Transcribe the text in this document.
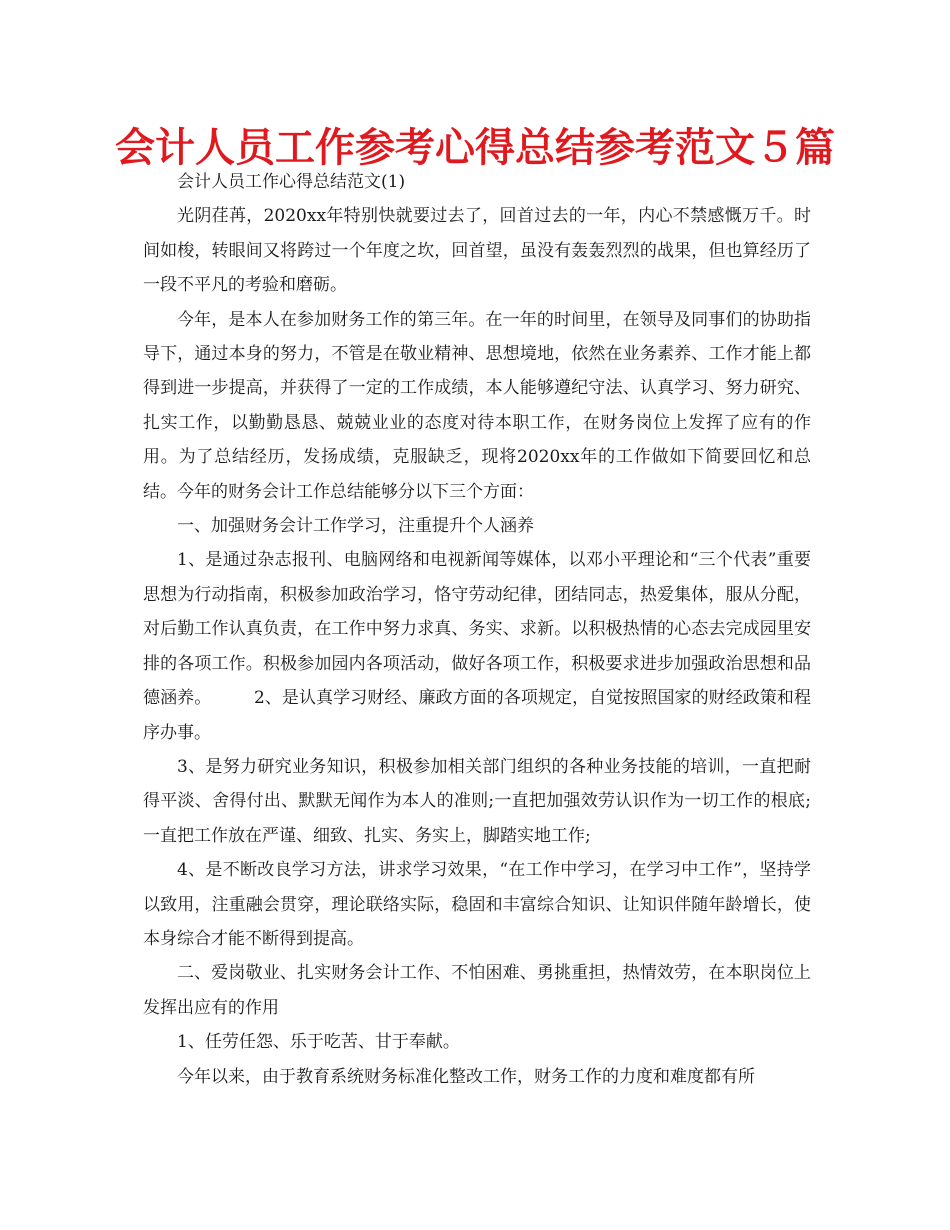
会计人员工作参考心得总结参考范文５篇

会计人员工作心得总结范文(1)

光阴荏苒，2020xx年特别快就要过去了，回首过去的一年，内心不禁感慨万千。时间如梭，转眼间又将跨过一个年度之坎，回首望，虽没有轰轰烈烈的战果，但也算经历了一段不平凡的考验和磨砺。

今年，是本人在参加财务工作的第三年。在一年的时间里，在领导及同事们的协助指导下，通过本身的努力，不管是在敬业精神、思想境地，依然在业务素养、工作才能上都得到进一步提高，并获得了一定的工作成绩，本人能够遵纪守法、认真学习、努力研究、扎实工作，以勤勤恳恳、兢兢业业的态度对待本职工作，在财务岗位上发挥了应有的作用。为了总结经历，发扬成绩，克服缺乏，现将2020xx年的工作做如下简要回忆和总结。今年的财务会计工作总结能够分以下三个方面：

一、加强财务会计工作学习，注重提升个人涵养

1、是通过杂志报刊、电脑网络和电视新闻等媒体，以邓小平理论和“三个代表”重要思想为行动指南，积极参加政治学习，恪守劳动纪律，团结同志，热爱集体，服从分配，对后勤工作认真负责，在工作中努力求真、务实、求新。以积极热情的心态去完成园里安排的各项工作。积极参加园内各项活动，做好各项工作，积极要求进步加强政治思想和品德涵养。　　　2、是认真学习财经、廉政方面的各项规定，自觉按照国家的财经政策和程序办事。

3、是努力研究业务知识，积极参加相关部门组织的各种业务技能的培训，一直把耐得平淡、舍得付出、默默无闻作为本人的准则;一直把加强效劳认识作为一切工作的根底;一直把工作放在严谨、细致、扎实、务实上，脚踏实地工作;

4、是不断改良学习方法，讲求学习效果，“在工作中学习，在学习中工作”，坚持学以致用，注重融会贯穿，理论联络实际，稳固和丰富综合知识、让知识伴随年龄增长，使本身综合才能不断得到提高。

二、爱岗敬业、扎实财务会计工作、不怕困难、勇挑重担，热情效劳，在本职岗位上发挥出应有的作用

1、任劳任怨、乐于吃苦、甘于奉献。

今年以来，由于教育系统财务标准化整改工作，财务工作的力度和难度都有所
